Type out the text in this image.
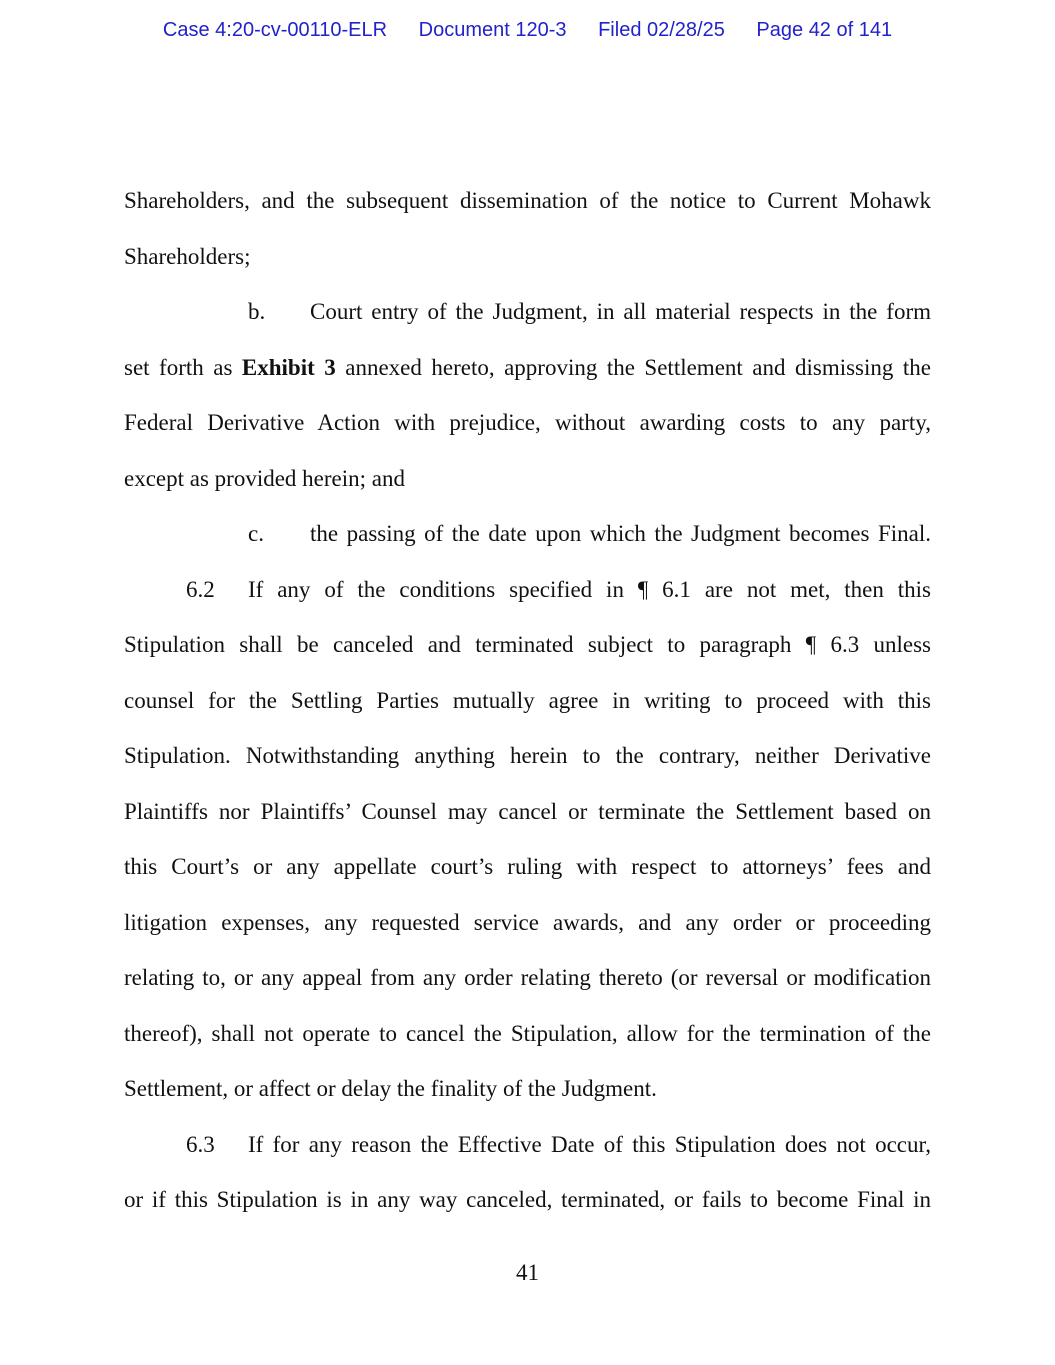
Case 4:20-cv-00110-ELR Document 120-3 Filed 02/28/25 Page 42 of 141
Shareholders, and the subsequent dissemination of the notice to Current Mohawk
Shareholders;
b. Court entry of the Judgment, in all material respects in the form
set forth as Exhibit 3 annexed hereto, approving the Settlement and dismissing the
Federal Derivative Action with prejudice, without awarding costs to any party,
except as provided herein; and
c. the passing of the date upon which the Judgment becomes Final.
6.2 If any of the conditions specified in ¶ 6.1 are not met, then this
Stipulation shall be canceled and terminated subject to paragraph ¶ 6.3 unless
counsel for the Settling Parties mutually agree in writing to proceed with this
Stipulation. Notwithstanding anything herein to the contrary, neither Derivative
Plaintiffs nor Plaintiffs’ Counsel may cancel or terminate the Settlement based on
this Court’s or any appellate court’s ruling with respect to attorneys’ fees and
litigation expenses, any requested service awards, and any order or proceeding
relating to, or any appeal from any order relating thereto (or reversal or modification
thereof), shall not operate to cancel the Stipulation, allow for the termination of the
Settlement, or affect or delay the finality of the Judgment.
6.3 If for any reason the Effective Date of this Stipulation does not occur,
or if this Stipulation is in any way canceled, terminated, or fails to become Final in
41
